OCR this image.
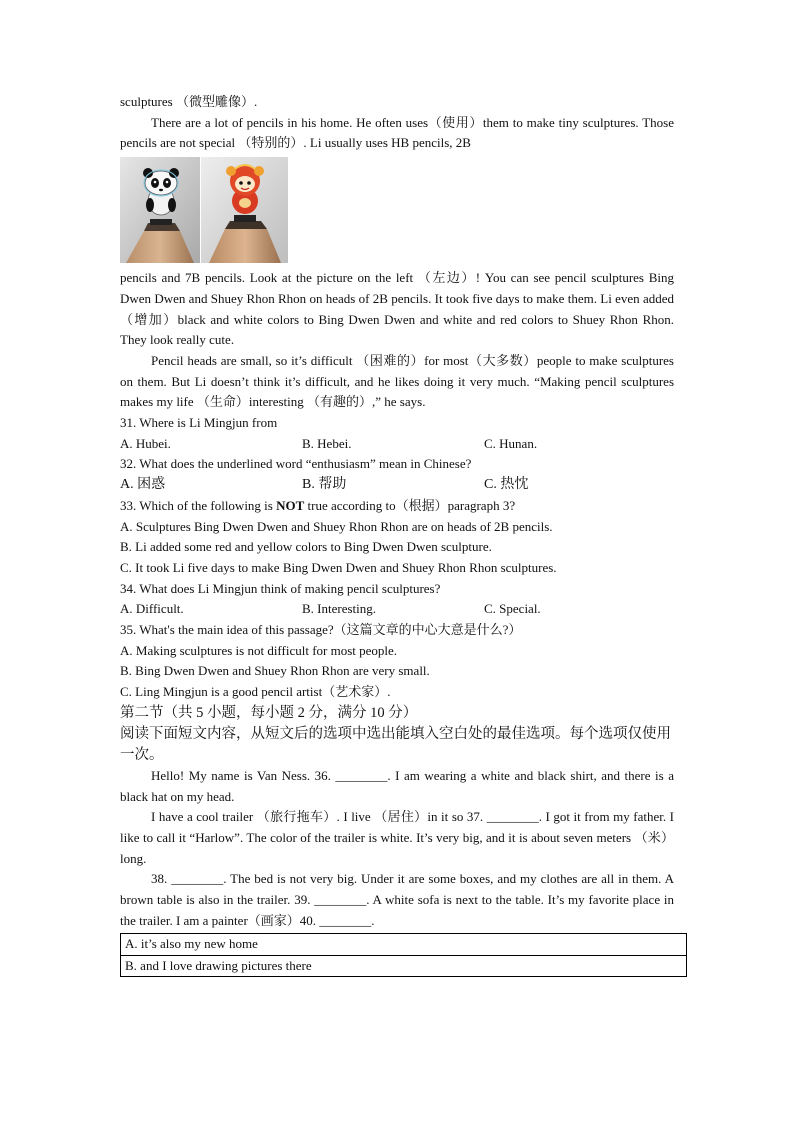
sculptures （微型雕像）.
There are a lot of pencils in his home. He often uses（使用）them to make tiny sculptures. Those pencils are not special （特别的）. Li usually uses HB pencils, 2B
pencils and 7B pencils. Look at the picture on the left （左边）! You can see pencil sculptures Bing Dwen Dwen and Shuey Rhon Rhon on heads of 2B pencils. It took five days to make them. Li even added（增加）black and white colors to Bing Dwen Dwen and white and red colors to Shuey Rhon Rhon. They look really cute.
Pencil heads are small, so it’s difficult （困难的）for most（大多数）people to make sculptures on them. But Li doesn’t think it’s difficult, and he likes doing it very much. “Making pencil sculptures makes my life （生命）interesting （有趣的）,” he says.
31. Where is Li Mingjun from
A. Hubei.	B. Hebei.	C. Hunan.
32. What does the underlined word “enthusiasm” mean in Chinese?
A. 困惑	B. 帮助	C. 热忱
33. Which of the following is NOT true according to（根据）paragraph 3?
A. Sculptures Bing Dwen Dwen and Shuey Rhon Rhon are on heads of 2B pencils.
B. Li added some red and yellow colors to Bing Dwen Dwen sculpture.
C. It took Li five days to make Bing Dwen Dwen and Shuey Rhon Rhon sculptures.
34. What does Li Mingjun think of making pencil sculptures?
A. Difficult.	B. Interesting.	C. Special.
35. What's the main idea of this passage?（这篇文章的中心大意是什么?）
A. Making sculptures is not difficult for most people.
B. Bing Dwen Dwen and Shuey Rhon Rhon are very small.
C. Ling Mingjun is a good pencil artist（艺术家）.
第二节（共 5 小题，每小题 2 分，满分 10 分）
阅读下面短文内容，从短文后的选项中选出能填入空白处的最佳选项。每个选项仅使用一次。
Hello! My name is Van Ness. 36. ________. I am wearing a white and black shirt, and there is a black hat on my head.
I have a cool trailer （旅行拖车）. I live （居住）in it so 37. ________. I got it from my father. I like to call it “Harlow”. The color of the trailer is white. It’s very big, and it is about seven meters （米）long.
38. ________. The bed is not very big. Under it are some boxes, and my clothes are all in them. A brown table is also in the trailer. 39. ________. A white sofa is next to the table. It’s my favorite place in the trailer. I am a painter（画家）40. ________.
A. it’s also my new home
B. and I love drawing pictures there
